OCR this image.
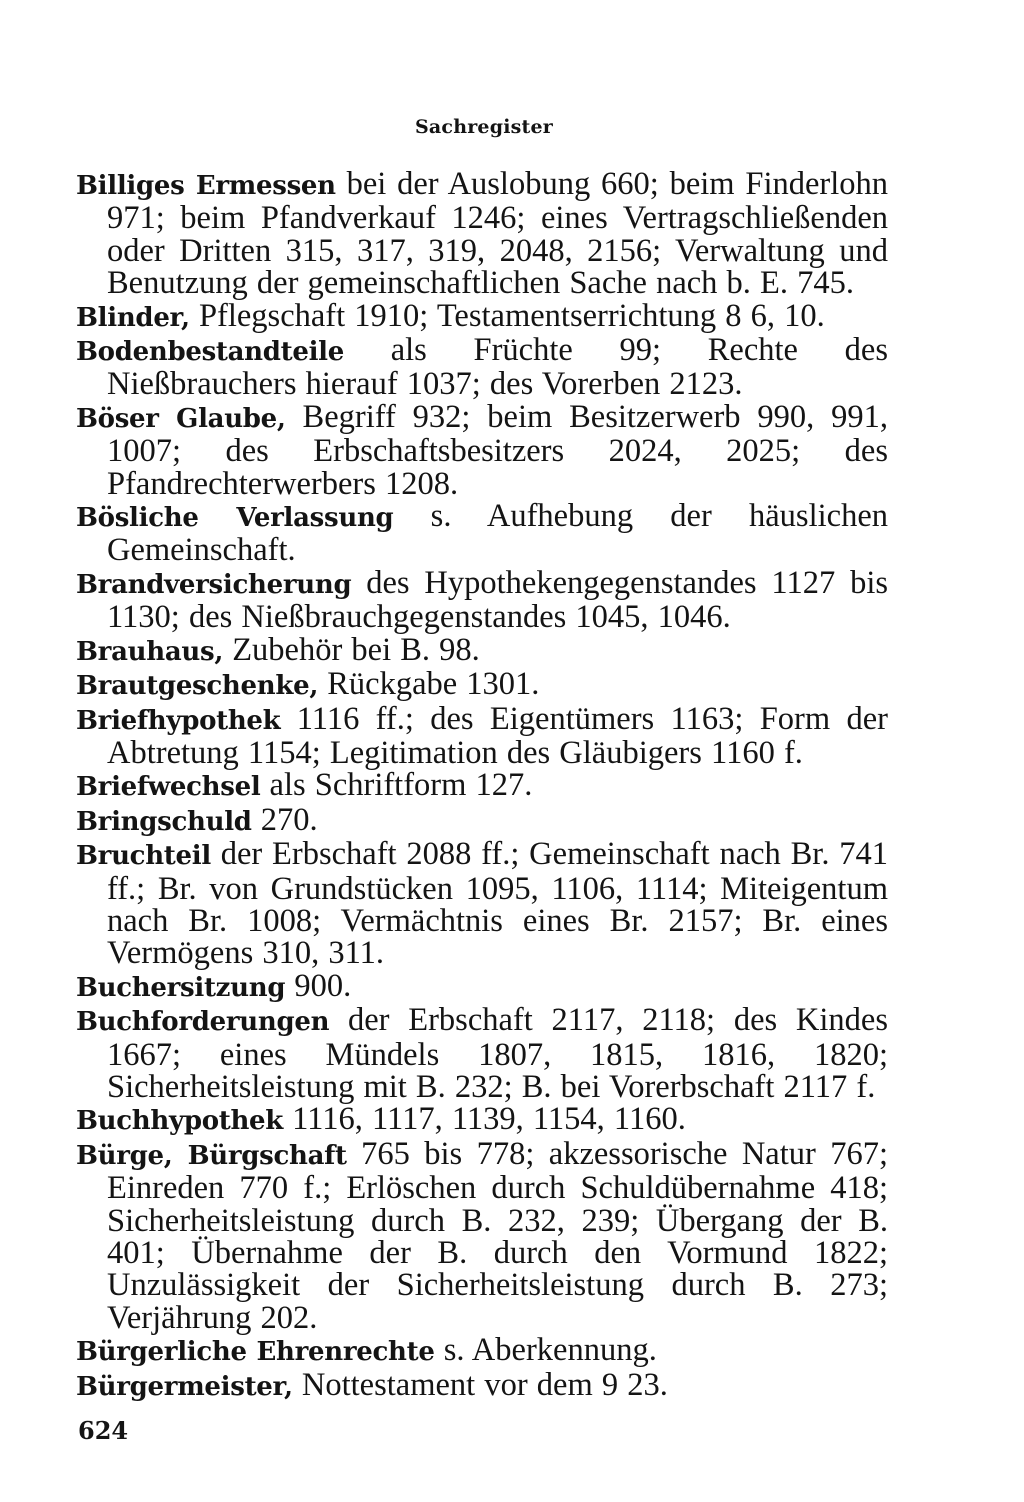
Sachregister

Billiges Ermessen bei der Auslobung 660; beim Finderlohn 971; beim Pfandverkauf 1246; eines Vertragschließenden oder Dritten 315, 317, 319, 2048, 2156; Verwaltung und Benutzung der gemeinschaftlichen Sache nach b. E. 745.

Blinder, Pflegschaft 1910; Testamentserrichtung 8 6, 10.

Bodenbestandteile als Früchte 99; Rechte des Nießbrauchers hierauf 1037; des Vorerben 2123.

Böser Glaube, Begriff 932; beim Besitzerwerb 990, 991, 1007; des Erbschaftsbesitzers 2024, 2025; des Pfandrechterwerbers 1208.

Bösliche Verlassung s. Aufhebung der häuslichen Gemeinschaft.

Brandversicherung des Hypothekengegenstandes 1127 bis 1130; des Nießbrauchgegenstandes 1045, 1046.

Brauhaus, Zubehör bei B. 98.

Brautgeschenke, Rückgabe 1301.

Briefhypothek 1116 ff.; des Eigentümers 1163; Form der Abtretung 1154; Legitimation des Gläubigers 1160 f.

Briefwechsel als Schriftform 127.

Bringschuld 270.

Bruchteil der Erbschaft 2088 ff.; Gemeinschaft nach Br. 741 ff.; Br. von Grundstücken 1095, 1106, 1114; Miteigentum nach Br. 1008; Vermächtnis eines Br. 2157; Br. eines Vermögens 310, 311.

Buchersitzung 900.

Buchforderungen der Erbschaft 2117, 2118; des Kindes 1667; eines Mündels 1807, 1815, 1816, 1820; Sicherheitsleistung mit B. 232; B. bei Vorerbschaft 2117 f.

Buchhypothek 1116, 1117, 1139, 1154, 1160.

Bürge, Bürgschaft 765 bis 778; akzessorische Natur 767; Einreden 770 f.; Erlöschen durch Schuldübernahme 418; Sicherheitsleistung durch B. 232, 239; Übergang der B. 401; Übernahme der B. durch den Vormund 1822; Unzulässigkeit der Sicherheitsleistung durch B. 273; Verjährung 202.

Bürgerliche Ehrenrechte s. Aberkennung.

Bürgermeister, Nottestament vor dem 9 23.

624
